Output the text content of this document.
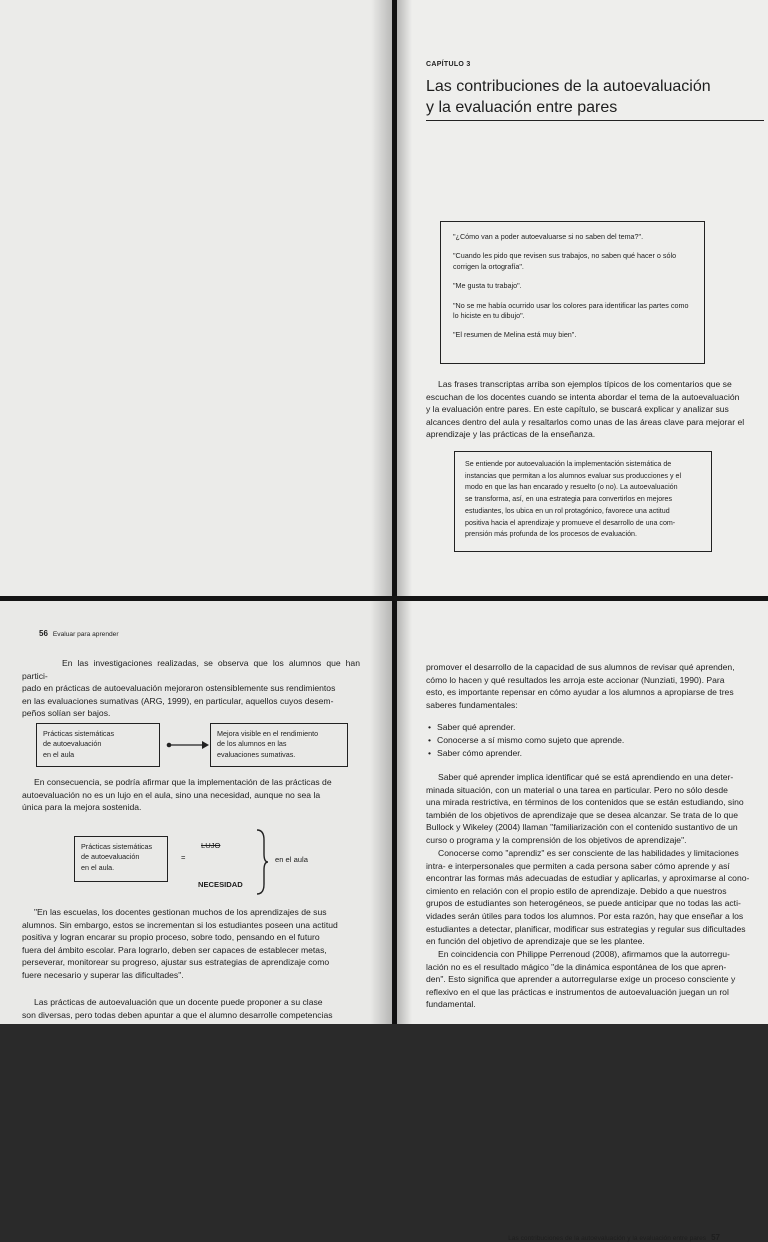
CAPÍTULO 3
Las contribuciones de la autoevaluación
y la evaluación entre pares

"¿Cómo van a poder autoevaluarse si no saben del tema?".

"Cuando les pido que revisen sus trabajos, no saben qué hacer o sólo corrigen la ortografía".

"Me gusta tu trabajo".

"No se me había ocurrido usar los colores para identificar las partes como lo hiciste en tu dibujo".

"El resumen de Melina está muy bien".

Las frases transcriptas arriba son ejemplos típicos de los comentarios que se
escuchan de los docentes cuando se intenta abordar el tema de la autoevaluación
y la evaluación entre pares. En este capítulo, se buscará explicar y analizar sus
alcances dentro del aula y resaltarlos como unas de las áreas clave para mejorar el
aprendizaje y las prácticas de la enseñanza.
Se entiende por autoevaluación la implementación sistemática de
instancias que permitan a los alumnos evaluar sus producciones y el
modo en que las han encarado y resuelto (o no). La autoevaluación
se transforma, así, en una estrategia para convertirlos en mejores
estudiantes, los ubica en un rol protagónico, favorece una actitud
positiva hacia el aprendizaje y promueve el desarrollo de una com-
prensión más profunda de los procesos de evaluación.
56 Evaluar para aprender
En las investigaciones realizadas, se observa que los alumnos que han partici-
pado en prácticas de autoevaluación mejoraron ostensiblemente sus rendimientos
en las evaluaciones sumativas (ARG, 1999), en particular, aquellos cuyos desem-
peños solían ser bajos.
Prácticas sistemáticas
de autoevaluación
en el aula
Mejora visible en el rendimiento
de los alumnos en las
evaluaciones sumativas.
En consecuencia, se podría afirmar que la implementación de las prácticas de
autoevaluación no es un lujo en el aula, sino una necesidad, aunque no sea la
única para la mejora sostenida.
Prácticas sistemáticas
de autoevaluación
en el aula.
=
LUJO
NECESIDAD
en el aula
"En las escuelas, los docentes gestionan muchos de los aprendizajes de sus
alumnos. Sin embargo, estos se incrementan si los estudiantes poseen una actitud
positiva y logran encarar su propio proceso, sobre todo, pensando en el futuro
fuera del ámbito escolar. Para lograrlo, deben ser capaces de establecer metas,
perseverar, monitorear su progreso, ajustar sus estrategias de aprendizaje como
fuere necesario y superar las dificultades".
Las prácticas de autoevaluación que un docente puede proponer a su clase
son diversas, pero todas deben apuntar a que el alumno desarrolle competencias
Las contribuciones de la autoevaluación y la evaluación entre pares 57
promover el desarrollo de la capacidad de sus alumnos de revisar qué aprenden,
cómo lo hacen y qué resultados les arroja este accionar (Nunziati, 1990). Para
esto, es importante repensar en cómo ayudar a los alumnos a apropiarse de tres
saberes fundamentales:
• Saber qué aprender.
• Conocerse a sí mismo como sujeto que aprende.
• Saber cómo aprender.
Saber qué aprender implica identificar qué se está aprendiendo en una deter-
minada situación, con un material o una tarea en particular. Pero no sólo desde
una mirada restrictiva, en términos de los contenidos que se están estudiando, sino
también de los objetivos de aprendizaje que se desea alcanzar. Se trata de lo que
Bullock y Wikeley (2004) llaman "familiarización con el contenido sustantivo de un
curso o programa y la comprensión de los objetivos de aprendizaje".
Conocerse como "aprendiz" es ser consciente de las habilidades y limitaciones
intra- e interpersonales que permiten a cada persona saber cómo aprende y así
encontrar las formas más adecuadas de estudiar y aplicarlas, y aproximarse al cono-
cimiento en relación con el propio estilo de aprendizaje. Debido a que nuestros
grupos de estudiantes son heterogéneos, se puede anticipar que no todas las acti-
vidades serán útiles para todos los alumnos. Por esta razón, hay que enseñar a los
estudiantes a detectar, planificar, modificar sus estrategias y regular sus dificultades
en función del objetivo de aprendizaje que se les plantee.
En coincidencia con Philippe Perrenoud (2008), afirmamos que la autorregu-
lación no es el resultado mágico "de la dinámica espontánea de los que apren-
den". Esto significa que aprender a autorregularse exige un proceso consciente y
reflexivo en el que las prácticas e instrumentos de autoevaluación juegan un rol
fundamental.
